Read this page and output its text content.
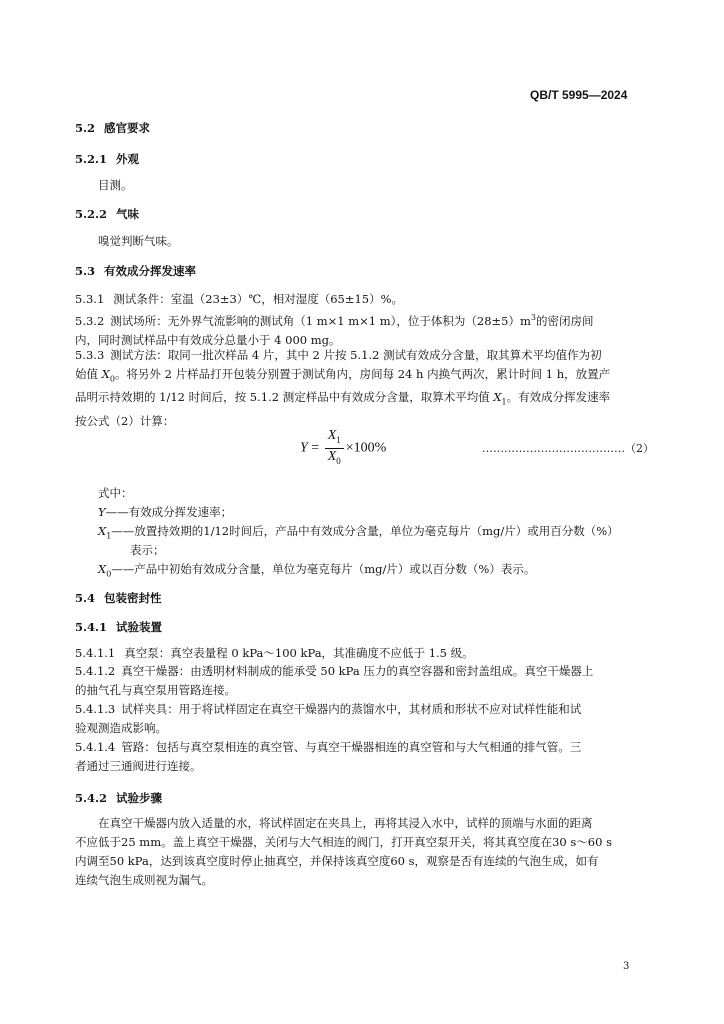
QB/T 5995—2024
5.2 感官要求
5.2.1 外观
目测。
5.2.2 气味
嗅觉判断气味。
5.3 有效成分挥发速率
5.3.1 测试条件：室温（23±3）℃，相对湿度（65±15）%。
5.3.2 测试场所：无外界气流影响的测试角（1 m×1 m×1 m），位于体积为$(28\pm 5)m^3$的密闭房间
内，同时测试样品中有效成分总量小于 4 000 mg。
5.3.3 测试方法：取同一批次样品 4 片，其中 2 片按 5.1.2 测试有效成分含量，取其算术平均值作为初
始值 $X_0$。将另外 2 片样品打开包装分别置于测试角内，房间每 24 h 内换气两次，累计时间 1 h，放置产
品明示持效期的 1/12 时间后，按 5.1.2 测定样品中有效成分含量，取算术平均值 $X_1$。有效成分挥发速率
按公式（2）计算：
$Y = \frac{X_1}{X_0} \times 100\%$	…………………………………（2）
式中：
Y——有效成分挥发速率；
$X_1——$放置持效期的1/12时间后，产品中有效成分含量，单位为毫克每片（mg/片）或用百分数（%）
表示；
$X_0——$产品中初始有效成分含量，单位为毫克每片（mg/片）或以百分数（%）表示。
5.4 包装密封性
5.4.1 试验装置
5.4.1.1 真空泵：真空表量程 0 kPa～100 kPa，其准确度不应低于 1.5 级。
5.4.1.2 真空干燥器：由透明材料制成的能承受 50 kPa 压力的真空容器和密封盖组成。真空干燥器上
的抽气孔与真空泵用管路连接。
5.4.1.3 试样夹具：用于将试样固定在真空干燥器内的蒸馏水中，其材质和形状不应对试样性能和试
验观测造成影响。
5.4.1.4 管路：包括与真空泵相连的真空管、与真空干燥器相连的真空管和与大气相通的排气管。三
者通过三通阀进行连接。
5.4.2 试验步骤
在真空干燥器内放入适量的水，将试样固定在夹具上，再将其浸入水中，试样的顶端与水面的距离
不应低于25 mm。盖上真空干燥器，关闭与大气相连的阀门，打开真空泵开关，将其真空度在30 s～60 s
内调至50 kPa，达到该真空度时停止抽真空，并保持该真空度60 s，观察是否有连续的气泡生成，如有
连续气泡生成则视为漏气。
3
